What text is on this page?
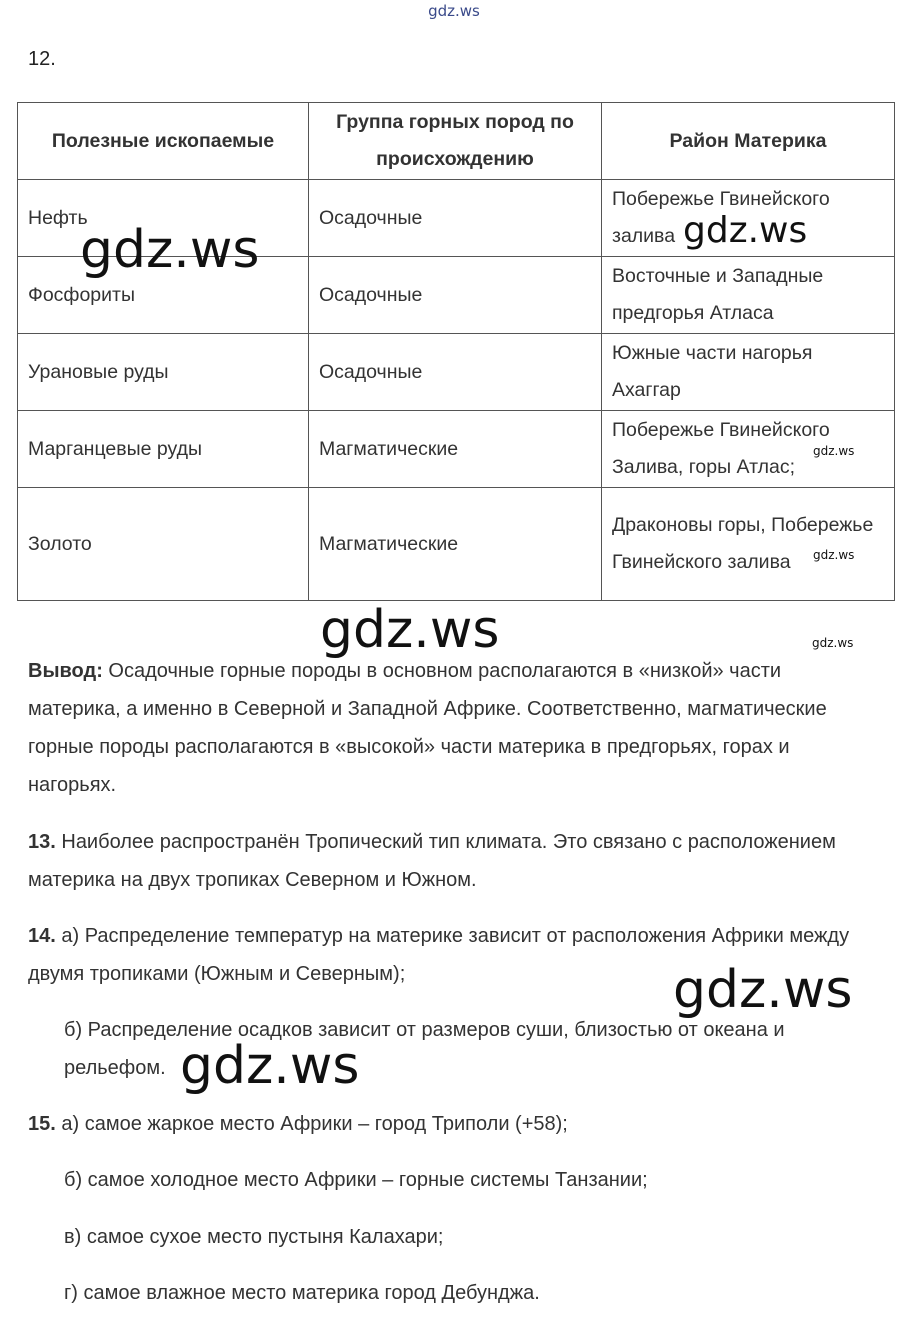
gdz.ws
12.
Полезные ископаемые	Группа горных пород по происхождению	Район Материка
Нефть	Осадочные	Побережье Гвинейского залива
Фосфориты	Осадочные	Восточные и Западные предгорья Атласа
Урановые руды	Осадочные	Южные части нагорья Ахаггар
Марганцевые руды	Магматические	Побережье Гвинейского Залива, горы Атлас;
Золото	Магматические	Драконовы горы, Побережье Гвинейского залива
Вывод: Осадочные горные породы в основном располагаются в «низкой» части материка, а именно в Северной и Западной Африке. Соответственно, магматические горные породы располагаются в «высокой» части материка в предгорьях, горах и нагорьях.
13. Наиболее распространён Тропический тип климата. Это связано с расположением материка на двух тропиках Северном и Южном.
14. а) Распределение температур на материке зависит от расположения Африки между двумя тропиками (Южным и Северным);
б) Распределение осадков зависит от размеров суши, близостью от океана и рельефом.
15. а) самое жаркое место Африки – город Триполи (+58);
б) самое холодное место Африки – горные системы Танзании;
в) самое сухое место пустыня Калахари;
г) самое влажное место материка город Дебунджа.
gdz.ws	gdz.ws
gdz.ws
gdz.ws
gdz.ws	gdz.ws
gdz.ws
gdz.ws
